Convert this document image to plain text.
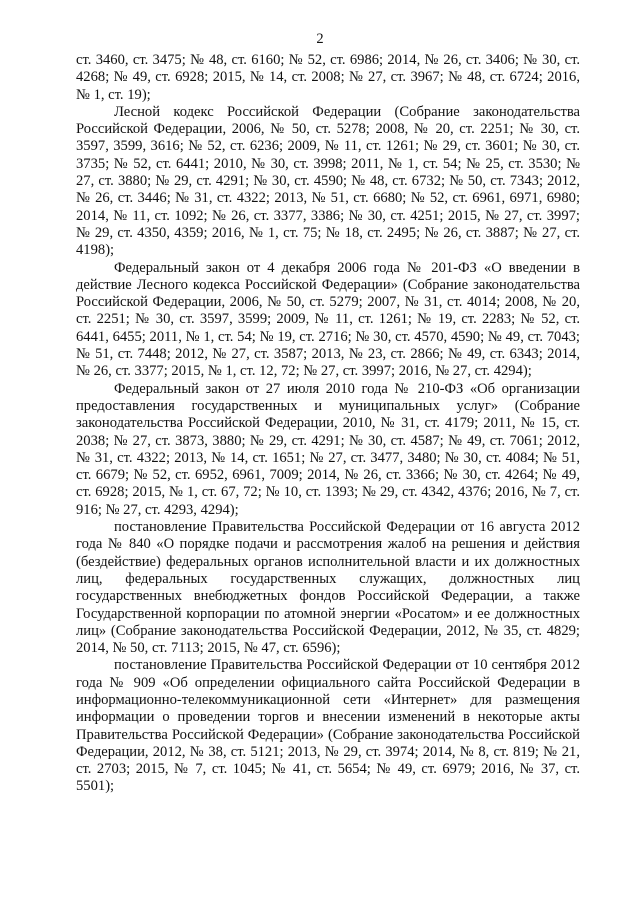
2

ст. 3460, ст. 3475; № 48, ст. 6160; № 52, ст. 6986; 2014, № 26, ст. 3406; № 30, ст. 4268; № 49, ст. 6928; 2015, № 14, ст. 2008; № 27, ст. 3967; № 48, ст. 6724; 2016, № 1, ст. 19);

Лесной кодекс Российской Федерации (Собрание законодательства Российской Федерации, 2006, № 50, ст. 5278; 2008, № 20, ст. 2251; № 30, ст. 3597, 3599, 3616; № 52, ст. 6236; 2009, № 11, ст. 1261; № 29, ст. 3601; № 30, ст. 3735; № 52, ст. 6441; 2010, № 30, ст. 3998; 2011, № 1, ст. 54; № 25, ст. 3530; № 27, ст. 3880; № 29, ст. 4291; № 30, ст. 4590; № 48, ст. 6732; № 50, ст. 7343; 2012, № 26, ст. 3446; № 31, ст. 4322; 2013, № 51, ст. 6680; № 52, ст. 6961, 6971, 6980; 2014, № 11, ст. 1092; № 26, ст. 3377, 3386; № 30, ст. 4251; 2015, № 27, ст. 3997; № 29, ст. 4350, 4359; 2016, № 1, ст. 75; № 18, ст. 2495; № 26, ст. 3887; № 27, ст. 4198);

Федеральный закон от 4 декабря 2006 года № 201-ФЗ «О введении в действие Лесного кодекса Российской Федерации» (Собрание законодательства Российской Федерации, 2006, № 50, ст. 5279; 2007, № 31, ст. 4014; 2008, № 20, ст. 2251; № 30, ст. 3597, 3599; 2009, № 11, ст. 1261; № 19, ст. 2283; № 52, ст. 6441, 6455; 2011, № 1, ст. 54; № 19, ст. 2716; № 30, ст. 4570, 4590; № 49, ст. 7043; № 51, ст. 7448; 2012, № 27, ст. 3587; 2013, № 23, ст. 2866; № 49, ст. 6343; 2014, № 26, ст. 3377; 2015, № 1, ст. 12, 72; № 27, ст. 3997; 2016, № 27, ст. 4294);

Федеральный закон от 27 июля 2010 года № 210-ФЗ «Об организации предоставления государственных и муниципальных услуг» (Собрание законодательства Российской Федерации, 2010, № 31, ст. 4179; 2011, № 15, ст. 2038; № 27, ст. 3873, 3880; № 29, ст. 4291; № 30, ст. 4587; № 49, ст. 7061; 2012, № 31, ст. 4322; 2013, № 14, ст. 1651; № 27, ст. 3477, 3480; № 30, ст. 4084; № 51, ст. 6679; № 52, ст. 6952, 6961, 7009; 2014, № 26, ст. 3366; № 30, ст. 4264; № 49, ст. 6928; 2015, № 1, ст. 67, 72; № 10, ст. 1393; № 29, ст. 4342, 4376; 2016, № 7, ст. 916; № 27, ст. 4293, 4294);

постановление Правительства Российской Федерации от 16 августа 2012 года № 840 «О порядке подачи и рассмотрения жалоб на решения и действия (бездействие) федеральных органов исполнительной власти и их должностных лиц, федеральных государственных служащих, должностных лиц государственных внебюджетных фондов Российской Федерации, а также Государственной корпорации по атомной энергии «Росатом» и ее должностных лиц» (Собрание законодательства Российской Федерации, 2012, № 35, ст. 4829; 2014, № 50, ст. 7113; 2015, № 47, ст. 6596);

постановление Правительства Российской Федерации от 10 сентября 2012 года № 909 «Об определении официального сайта Российской Федерации в информационно-телекоммуникационной сети «Интернет» для размещения информации о проведении торгов и внесении изменений в некоторые акты Правительства Российской Федерации» (Собрание законодательства Российской Федерации, 2012, № 38, ст. 5121; 2013, № 29, ст. 3974; 2014, № 8, ст. 819; № 21, ст. 2703; 2015, № 7, ст. 1045; № 41, ст. 5654; № 49, ст. 6979; 2016, № 37, ст. 5501);
